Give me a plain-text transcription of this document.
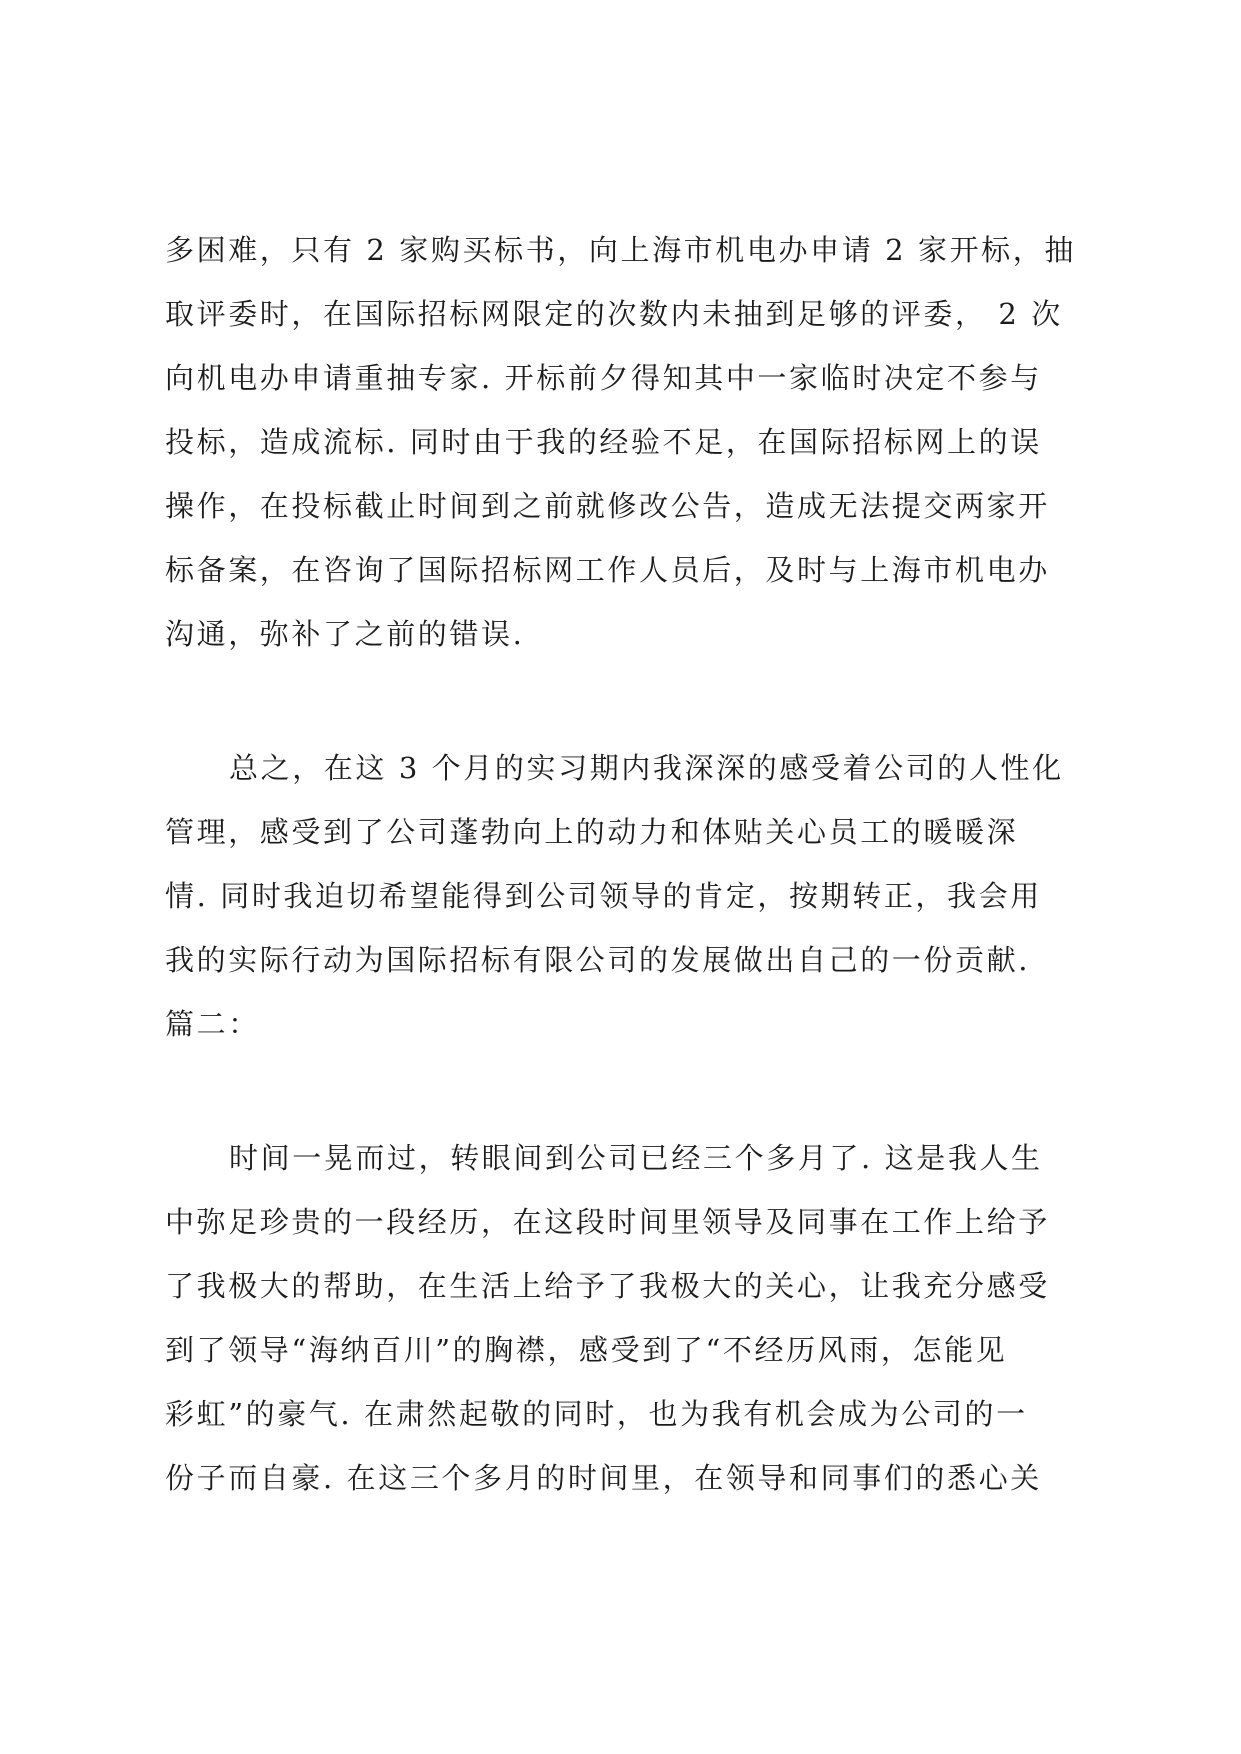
多困难，只有 2 家购买标书，向上海市机电办申请 2 家开标，抽
取评委时，在国际招标网限定的次数内未抽到足够的评委， 2 次
向机电办申请重抽专家. 开标前夕得知其中一家临时决定不参与
投标，造成流标. 同时由于我的经验不足，在国际招标网上的误
操作，在投标截止时间到之前就修改公告，造成无法提交两家开
标备案，在咨询了国际招标网工作人员后，及时与上海市机电办
沟通，弥补了之前的错误.
总之，在这 3 个月的实习期内我深深的感受着公司的人性化
管理，感受到了公司蓬勃向上的动力和体贴关心员工的暖暖深
情. 同时我迫切希望能得到公司领导的肯定，按期转正，我会用
我的实际行动为国际招标有限公司的发展做出自己的一份贡献.
篇二：
时间一晃而过，转眼间到公司已经三个多月了. 这是我人生
中弥足珍贵的一段经历，在这段时间里领导及同事在工作上给予
了我极大的帮助，在生活上给予了我极大的关心，让我充分感受
到了领导“海纳百川”的胸襟，感受到了“不经历风雨，怎能见
彩虹”的豪气. 在肃然起敬的同时，也为我有机会成为公司的一
份子而自豪. 在这三个多月的时间里，在领导和同事们的悉心关
